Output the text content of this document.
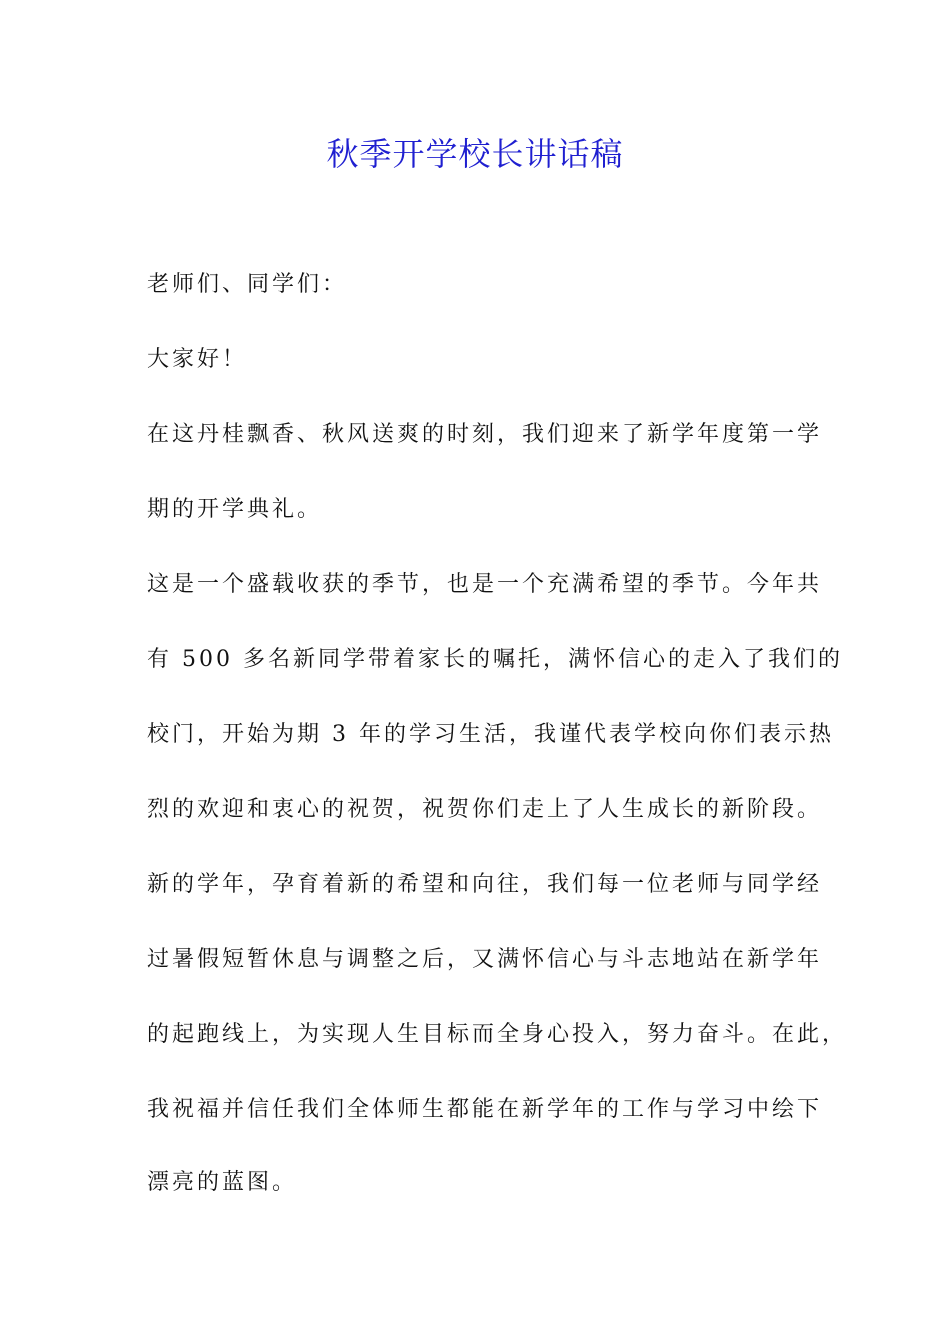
秋季开学校长讲话稿
老师们、同学们：
大家好！
在这丹桂飘香、秋风送爽的时刻，我们迎来了新学年度第一学
期的开学典礼。
这是一个盛载收获的季节，也是一个充满希望的季节。今年共
有 500 多名新同学带着家长的嘱托，满怀信心的走入了我们的
校门，开始为期 3 年的学习生活，我谨代表学校向你们表示热
烈的欢迎和衷心的祝贺，祝贺你们走上了人生成长的新阶段。
新的学年，孕育着新的希望和向往，我们每一位老师与同学经
过暑假短暂休息与调整之后，又满怀信心与斗志地站在新学年
的起跑线上，为实现人生目标而全身心投入，努力奋斗。在此，
我祝福并信任我们全体师生都能在新学年的工作与学习中绘下
漂亮的蓝图。
